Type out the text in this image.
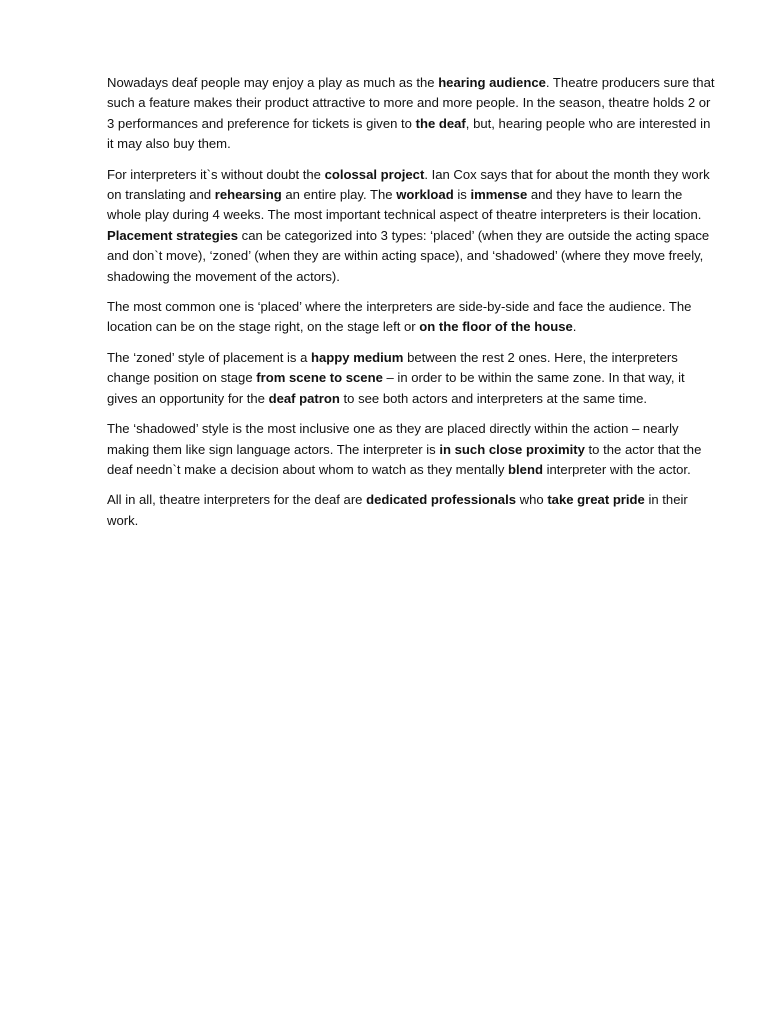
Nowadays deaf people may enjoy a play as much as the hearing audience. Theatre producers sure that such a feature makes their product attractive to more and more people. In the season, theatre holds 2 or 3 performances and preference for tickets is given to the deaf, but, hearing people who are interested in it may also buy them.

For interpreters it`s without doubt the colossal project. Ian Cox says that for about the month they work on translating and rehearsing an entire play. The workload is immense and they have to learn the whole play during 4 weeks. The most important technical aspect of theatre interpreters is their location. Placement strategies can be categorized into 3 types: ‘placed’ (when they are outside the acting space and don`t move), ‘zoned’ (when they are within acting space), and ‘shadowed’ (where they move freely, shadowing the movement of the actors).

The most common one is ‘placed’ where the interpreters are side-by-side and face the audience. The location can be on the stage right, on the stage left or on the floor of the house.

The ‘zoned’ style of placement is a happy medium between the rest 2 ones. Here, the interpreters change position on stage from scene to scene – in order to be within the same zone. In that way, it gives an opportunity for the deaf patron to see both actors and interpreters at the same time.

The ‘shadowed’ style is the most inclusive one as they are placed directly within the action – nearly making them like sign language actors. The interpreter is in such close proximity to the actor that the deaf needn`t make a decision about whom to watch as they mentally blend interpreter with the actor.

All in all, theatre interpreters for the deaf are dedicated professionals who take great pride in their work.
